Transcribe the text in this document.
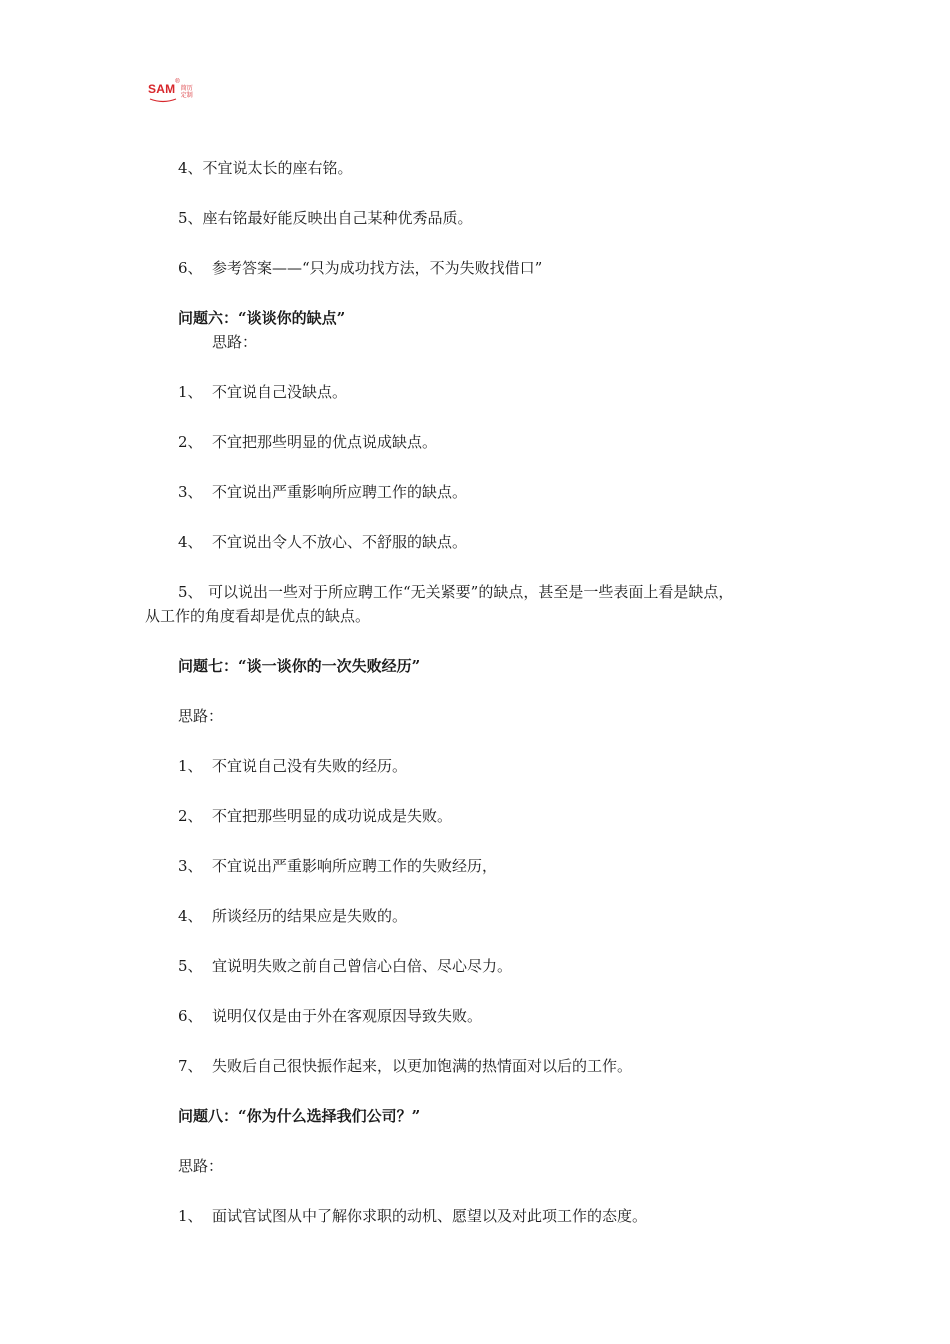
SAM ®
简历
定制
4、不宜说太长的座右铭。
5、座右铭最好能反映出自己某种优秀品质。
6、 参考答案——“只为成功找方法，不为失败找借口”
问题六：“谈谈你的缺点”
思路：
1、 不宜说自己没缺点。
2、 不宜把那些明显的优点说成缺点。
3、 不宜说出严重影响所应聘工作的缺点。
4、 不宜说出令人不放心、不舒服的缺点。
5、 可以说出一些对于所应聘工作“无关紧要”的缺点，甚至是一些表面上看是缺点，
从工作的角度看却是优点的缺点。
问题七：“谈一谈你的一次失败经历”
思路：
1、 不宜说自己没有失败的经历。
2、 不宜把那些明显的成功说成是失败。
3、 不宜说出严重影响所应聘工作的失败经历，
4、 所谈经历的结果应是失败的。
5、 宜说明失败之前自己曾信心白倍、尽心尽力。
6、 说明仅仅是由于外在客观原因导致失败。
7、 失败后自己很快振作起来，以更加饱满的热情面对以后的工作。
问题八：“你为什么选择我们公司？”
思路：
1、 面试官试图从中了解你求职的动机、愿望以及对此项工作的态度。
